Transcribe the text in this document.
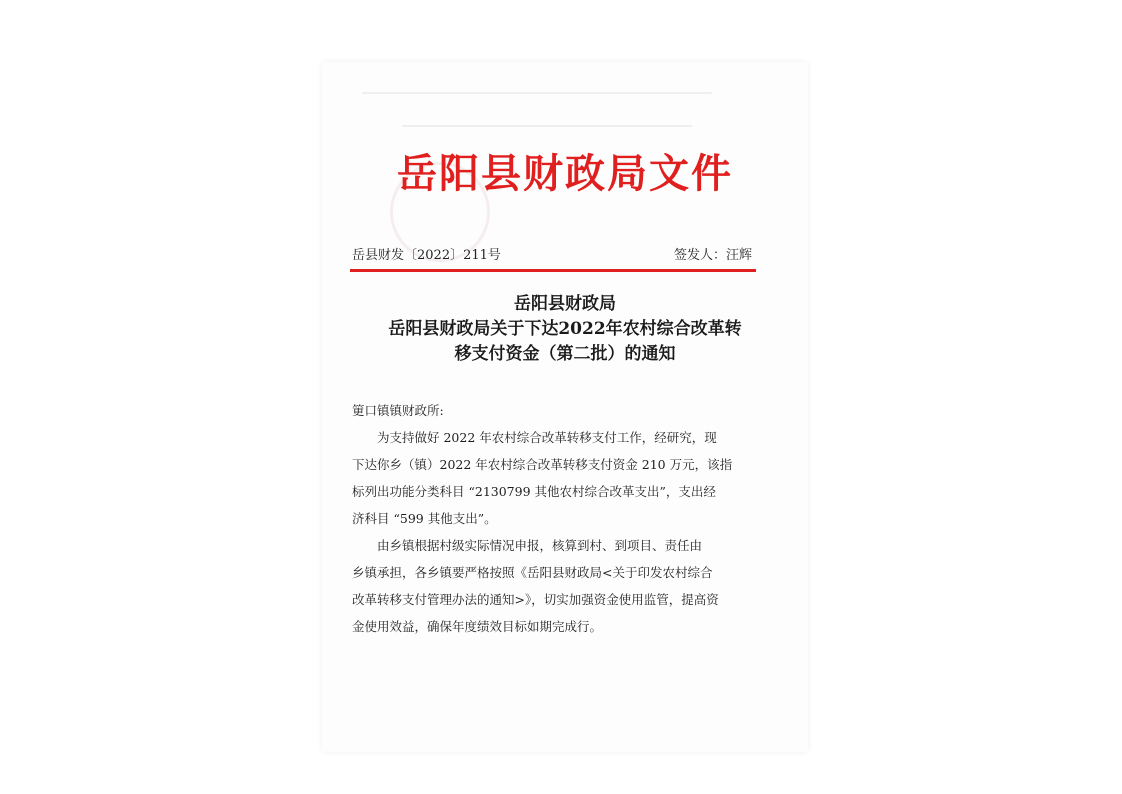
岳阳县财政局文件
岳县财发〔2022〕211号	签发人：汪辉
岳阳县财政局
岳阳县财政局关于下达2022年农村综合改革转
移支付资金（第二批）的通知

筻口镇镇财政所:

为支持做好 2022 年农村综合改革转移支付工作，经研究，现

下达你乡（镇）2022 年农村综合改革转移支付资金 210 万元，该指

标列出功能分类科目 “2130799 其他农村综合改革支出”，支出经

济科目 “599 其他支出”。

由乡镇根据村级实际情况申报，核算到村、到项目、责任由

乡镇承担，各乡镇要严格按照《岳阳县财政局<关于印发农村综合

改革转移支付管理办法的通知>》，切实加强资金使用监管，提高资

金使用效益，确保年度绩效目标如期完成行。
